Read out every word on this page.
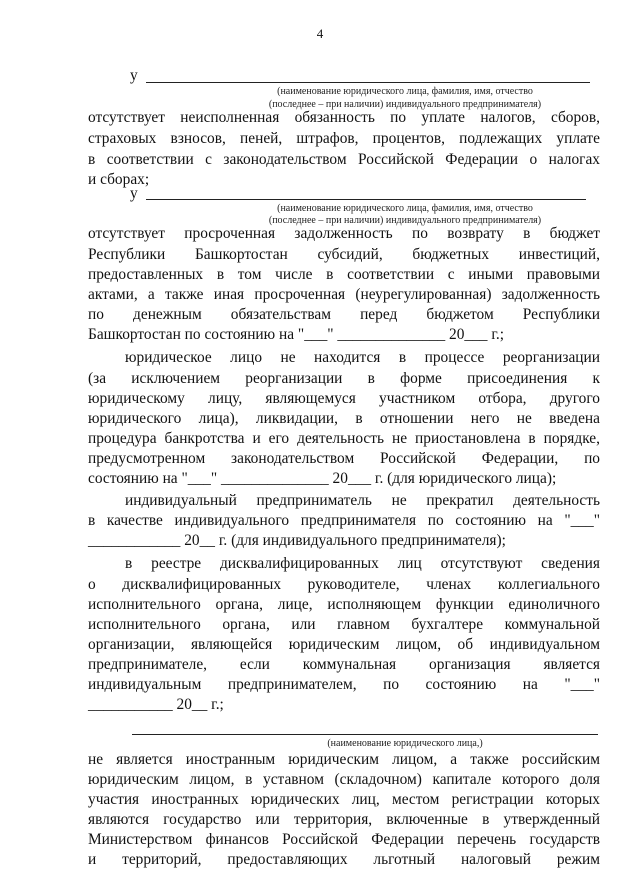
4
у
(наименование юридического лица, фамилия, имя, отчество
(последнее – при наличии) индивидуального предпринимателя)
отсутствует неисполненная обязанность по уплате налогов, сборов,
страховых взносов, пеней, штрафов, процентов, подлежащих уплате
в соответствии с законодательством Российской Федерации о налогах
и сборах;
у
(наименование юридического лица, фамилия, имя, отчество
(последнее – при наличии) индивидуального предпринимателя)
отсутствует просроченная задолженность по возврату в бюджет
Республики Башкортостан субсидий, бюджетных инвестиций,
предоставленных в том числе в соответствии с иными правовыми
актами, а также иная просроченная (неурегулированная) задолженность
по денежным обязательствам перед бюджетом Республики
Башкортостан по состоянию на "___" ______________ 20___ г.;
юридическое лицо не находится в процессе реорганизации
(за исключением реорганизации в форме присоединения к
юридическому лицу, являющемуся участником отбора, другого
юридического лица), ликвидации, в отношении него не введена
процедура банкротства и его деятельность не приостановлена в порядке,
предусмотренном законодательством Российской Федерации, по
состоянию на "___" ______________ 20___ г. (для юридического лица);
индивидуальный предприниматель не прекратил деятельность
в качестве индивидуального предпринимателя по состоянию на "___"
____________ 20__ г. (для индивидуального предпринимателя);
в реестре дисквалифицированных лиц отсутствуют сведения
о дисквалифицированных руководителе, членах коллегиального
исполнительного органа, лице, исполняющем функции единоличного
исполнительного органа, или главном бухгалтере коммунальной
организации, являющейся юридическим лицом, об индивидуальном
предпринимателе, если коммунальная организация является
индивидуальным предпринимателем, по состоянию на "___"
___________ 20__ г.;
(наименование юридического лица,)
не является иностранным юридическим лицом, а также российским
юридическим лицом, в уставном (складочном) капитале которого доля
участия иностранных юридических лиц, местом регистрации которых
являются государство или территория, включенные в утвержденный
Министерством финансов Российской Федерации перечень государств
и территорий, предоставляющих льготный налоговый режим
